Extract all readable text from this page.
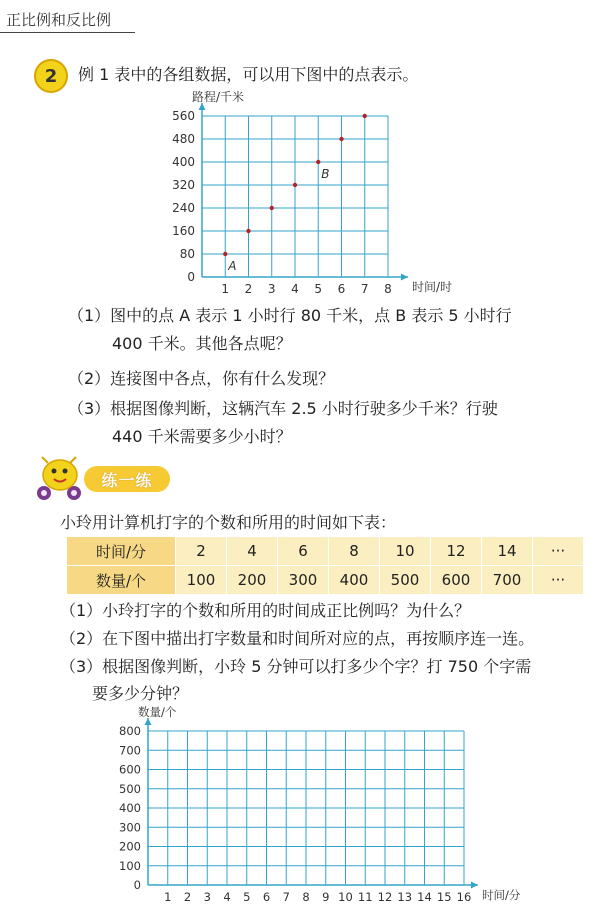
正比例和反比例
2 例 1 表中的各组数据，可以用下图中的点表示。
1 2 3 4 5 6 7 8
0
80
160
240
320
400
480
560
时间/时
路程/千米
A
B
（1）图中的点 A 表示 1 小时行 80 千米，点 B 表示 5 小时行
400 千米。其他各点呢？
（2）连接图中各点，你有什么发现？
（3）根据图像判断，这辆汽车 2.5 小时行驶多少千米？行驶
440 千米需要多少小时？
练一练
小玲用计算机打字的个数和所用的时间如下表：
时间/分	2	4	6	8	10	12	14	···
数量/个	100	200	300	400	500	600	700	···
（1）小玲打字的个数和所用的时间成正比例吗？为什么？
（2）在下图中描出打字数量和时间所对应的点，再按顺序连一连。
（3）根据图像判断，小玲 5 分钟可以打多少个字？打 750 个字需
要多少分钟？
1 2 3 4 5 6 7 8 9 10 11 12 13 14 15 16
0
100
200
300
400
500
600
700
800
时间/分
数量/个
